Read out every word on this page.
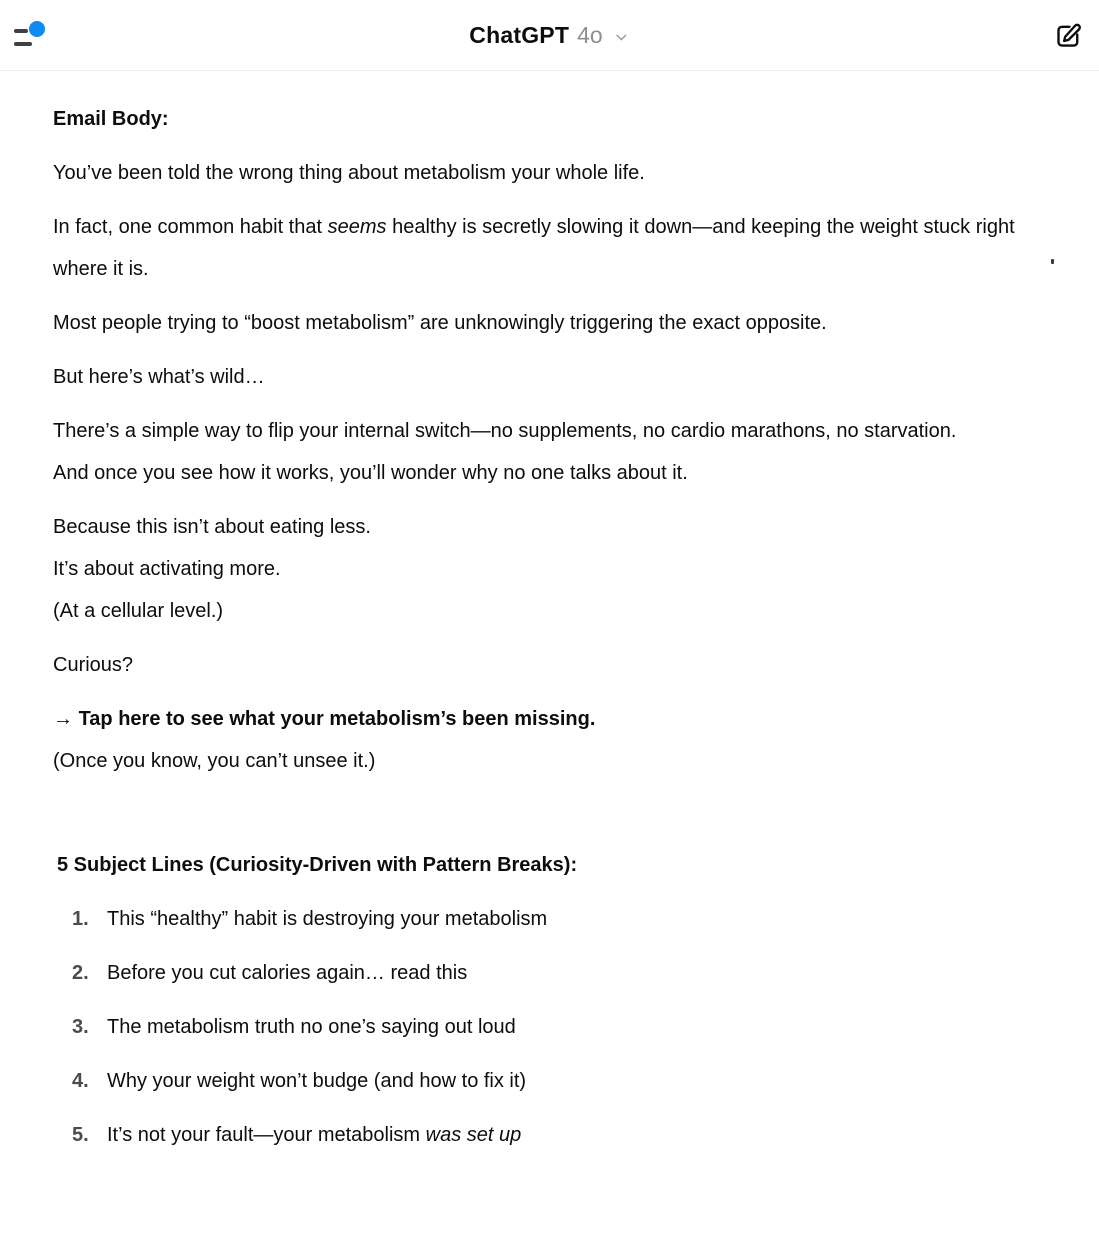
ChatGPT 4o

Email Body:

You’ve been told the wrong thing about metabolism your whole life.

In fact, one common habit that seems healthy is secretly slowing it down—and keeping the weight stuck right where it is.

Most people trying to “boost metabolism” are unknowingly triggering the exact opposite.

But here’s what’s wild…

There’s a simple way to flip your internal switch—no supplements, no cardio marathons, no starvation.
And once you see how it works, you’ll wonder why no one talks about it.

Because this isn’t about eating less.
It’s about activating more.
(At a cellular level.)

Curious?

→ Tap here to see what your metabolism’s been missing.
(Once you know, you can’t unsee it.)

5 Subject Lines (Curiosity-Driven with Pattern Breaks):
1. This “healthy” habit is destroying your metabolism
2. Before you cut calories again… read this
3. The metabolism truth no one’s saying out loud
4. Why your weight won’t budge (and how to fix it)
5. It’s not your fault—your metabolism was set up
